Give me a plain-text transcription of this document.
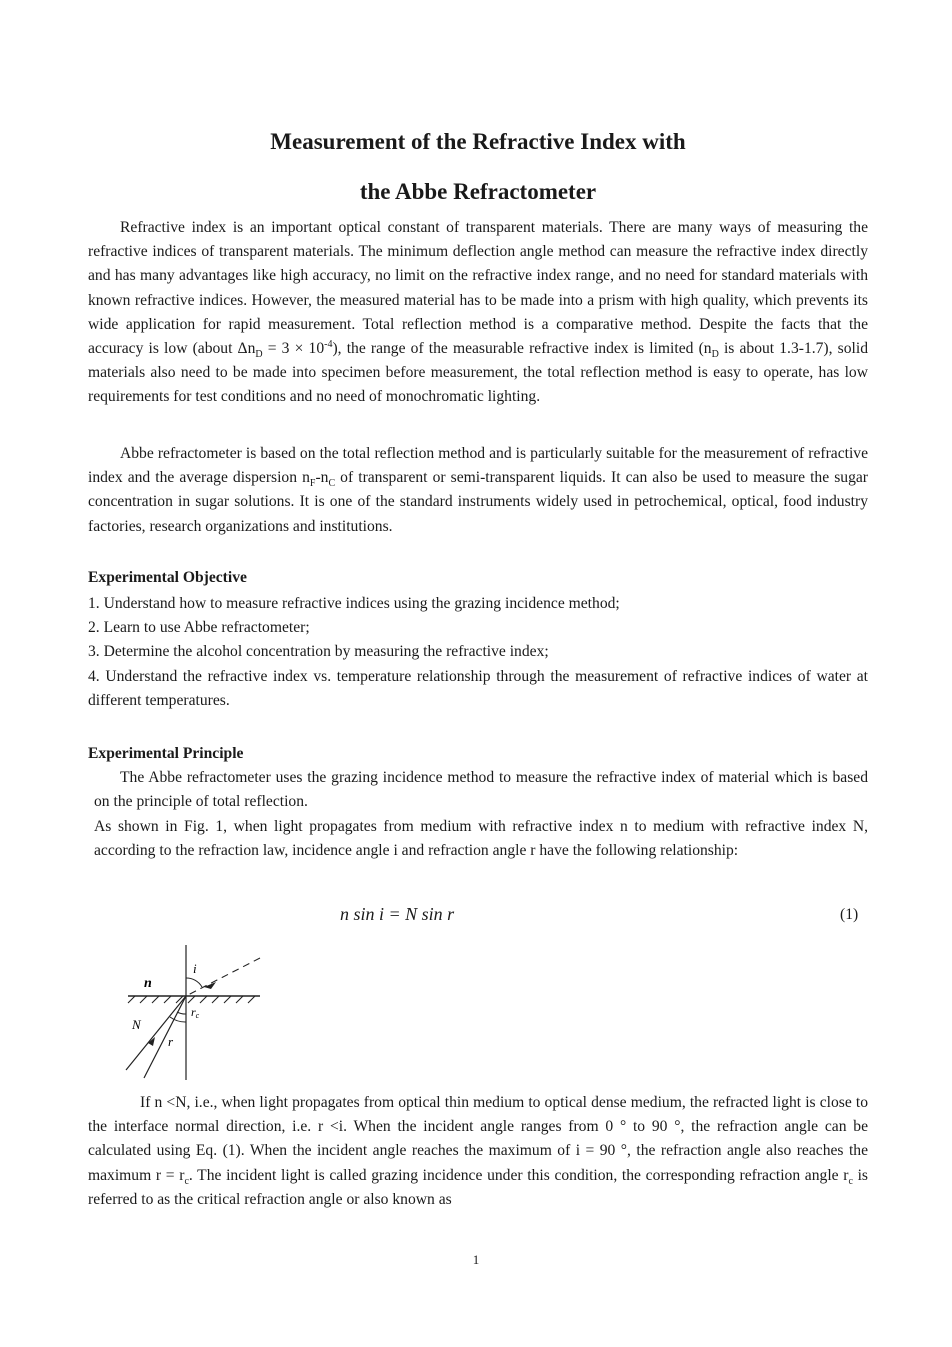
Measurement of the Refractive Index with
the Abbe Refractometer

Refractive index is an important optical constant of transparent materials. There are many ways of measuring the refractive indices of transparent materials. The minimum deflection angle method can measure the refractive index directly and has many advantages like high accuracy, no limit on the refractive index range, and no need for standard materials with known refractive indices. However, the measured material has to be made into a prism with high quality, which prevents its wide application for rapid measurement. Total reflection method is a comparative method. Despite the facts that the accuracy is low (about $\Delta n_D = 3 \times 10^{-4}$), the range of the measurable refractive index is limited ($n_D$ is about 1.3-1.7), solid materials also need to be made into specimen before measurement, the total reflection method is easy to operate, has low requirements for test conditions and no need of monochromatic lighting.

Abbe refractometer is based on the total reflection method and is particularly suitable for the measurement of refractive index and the average dispersion $n_F-n_C$ of transparent or semi-transparent liquids. It can also be used to measure the sugar concentration in sugar solutions. It is one of the standard instruments widely used in petrochemical, optical, food industry factories, research organizations and institutions.

Experimental Objective
1. Understand how to measure refractive indices using the grazing incidence method;
2. Learn to use Abbe refractometer;
3. Determine the alcohol concentration by measuring the refractive index;
4. Understand the refractive index vs. temperature relationship through the measurement of refractive indices of water at different temperatures.
Experimental Principle

The Abbe refractometer uses the grazing incidence method to measure the refractive index of material which is based on the principle of total reflection.

As shown in Fig. 1, when light propagates from medium with refractive index n to medium with refractive index N, according to the refraction law, incidence angle i and refraction angle r have the following relationship:

n sin i = N sin r	(1)
n
N
i
r
rc

If n <N, i.e., when light propagates from optical thin medium to optical dense medium, the refracted light is close to the interface normal direction, i.e. r <i. When the incident angle ranges from 0 ° to 90 °, the refraction angle can be calculated using Eq. (1). When the incident angle reaches the maximum of i = 90 °, the refraction angle also reaches the maximum $r = r_c$. The incident light is called grazing incidence under this condition, the corresponding refraction angle $r_c$ is referred to as the critical refraction angle or also known as

1
